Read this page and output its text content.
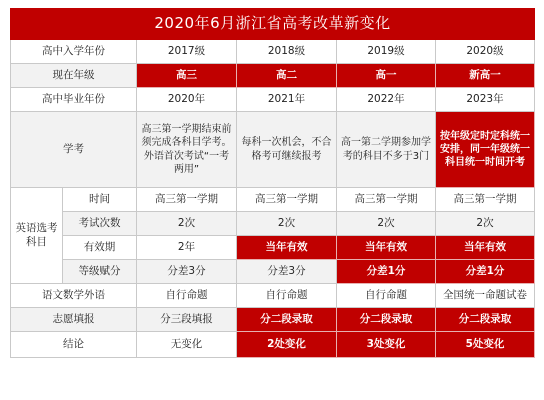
2020年6月浙江省高考改革新变化					
高中入学年份		2017级	2018级	2019级	2020级
现在年级		高三	高二	高一	新高一
高中毕业年份		2020年	2021年	2022年	2023年
学考		高三第一学期结束前须完成各科目学考。外语首次考试“一考两用”	每科一次机会，不合格考可继续报考	高一第二学期参加学考的科目不多于3门	按年级定时定科统一安排，同一年级统一科目统一时间开考
英语选考科目	时间	高三第一学期	高三第一学期	高三第一学期	高三第一学期
	考试次数	2次	2次	2次	2次
	有效期	2年	当年有效	当年有效	当年有效
	等级赋分	分差3分	分差3分	分差1分	分差1分
语文数学外语		自行命题	自行命题	自行命题	全国统一命题试卷
志愿填报		分三段填报	分二段录取	分二段录取	分二段录取
结论		无变化	2处变化	3处变化	5处变化
